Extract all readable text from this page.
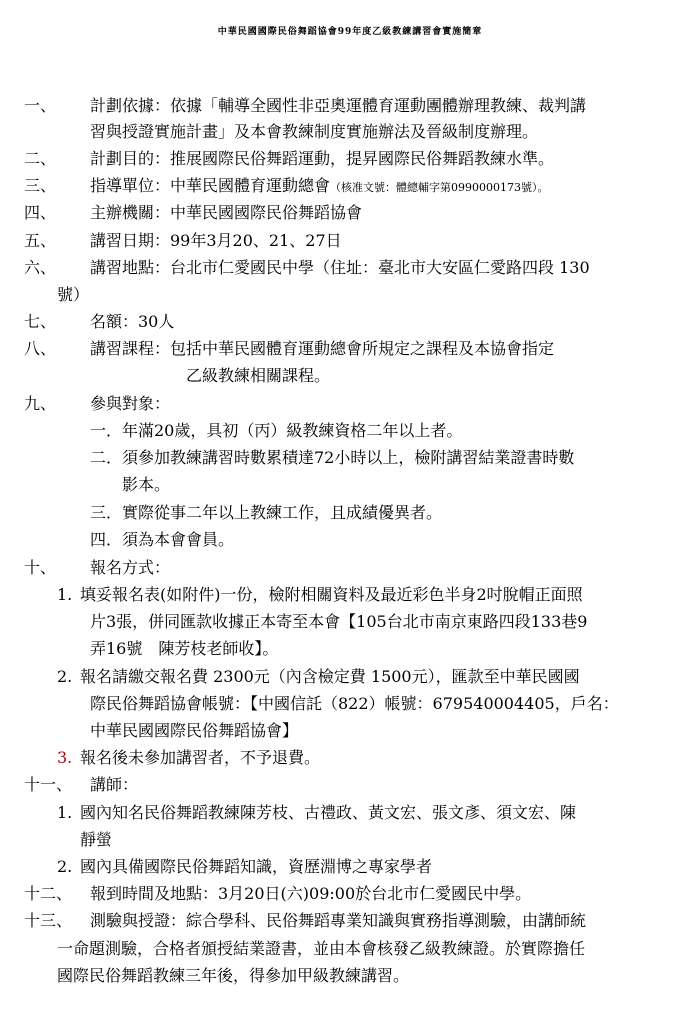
中華民國國際民俗舞蹈協會99年度乙級教練講習會實施簡章
一、 計劃依據：依據「輔導全國性非亞奧運體育運動團體辦理教練、裁判講
習與授證實施計畫」及本會教練制度實施辦法及晉級制度辦理。
二、 計劃目的：推展國際民俗舞蹈運動，提昇國際民俗舞蹈教練水準。
三、 指導單位：中華民國體育運動總會（核准文號：體總輔字第0990000173號）。
四、 主辦機關：中華民國國際民俗舞蹈協會
五、 講習日期：99年3月20、21、27日
六、 講習地點：台北市仁愛國民中學（住址：臺北市大安區仁愛路四段 130
號）
七、 名額：30人
八、 講習課程：包括中華民國體育運動總會所規定之課程及本協會指定
乙級教練相關課程。
九、 參與對象：
一．年滿20歲，具初（丙）級教練資格二年以上者。
二．須參加教練講習時數累積達72小時以上，檢附講習結業證書時數
影本。
三．實際從事二年以上教練工作，且成績優異者。
四．須為本會會員。
十、 報名方式：
1. 填妥報名表(如附件)一份，檢附相關資料及最近彩色半身2吋脫帽正面照
片3張，併同匯款收據正本寄至本會【105台北市南京東路四段133巷9
弄16號　陳芳枝老師收】。
2. 報名請繳交報名費 2300元（內含檢定費 1500元），匯款至中華民國國
際民俗舞蹈協會帳號：【中國信託（822）帳號：679540004405，戶名：
中華民國國際民俗舞蹈協會】
3. 報名後未參加講習者，不予退費。
十一、 講師：
1. 國內知名民俗舞蹈教練陳芳枝、古禮政、黃文宏、張文彥、須文宏、陳
靜螢
2. 國內具備國際民俗舞蹈知識，資歷淵博之專家學者
十二、 報到時間及地點：3月20日(六)09:00於台北市仁愛國民中學。
十三、 測驗與授證：綜合學科、民俗舞蹈專業知識與實務指導測驗，由講師統
一命題測驗，合格者頒授結業證書，並由本會核發乙級教練證。於實際擔任
國際民俗舞蹈教練三年後，得參加甲級教練講習。
